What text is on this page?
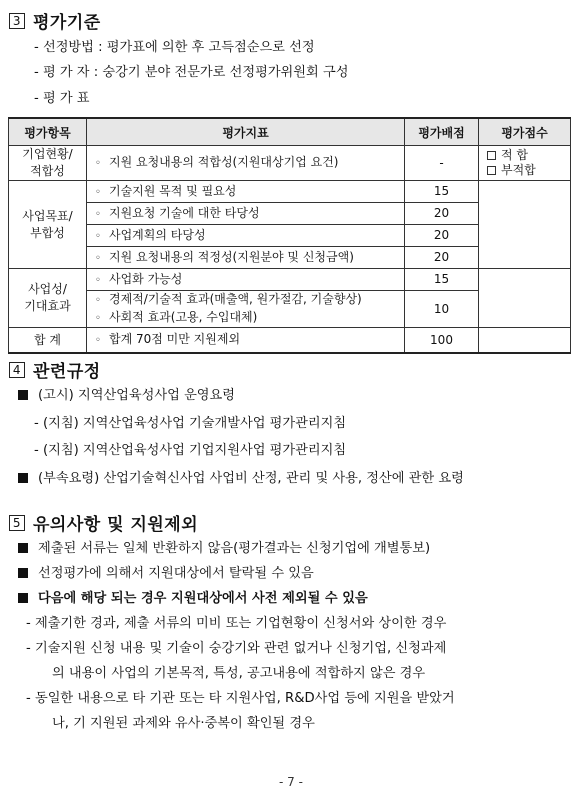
3 평가기준
- 선정방법 : 평가표에 의한 후 고득점순으로 선정
- 평 가 자 : 숭강기 분야 전문가로 선정평가위원회 구성
- 평 가 표
평가항목	평가지표	평가배점	평가점수
기업현황/
적합성	◦ 지원 요청내용의 적합성(지원대상기업 요건)	-	적 합
부적합

사업목표/
부합성	◦ 기술지원 목적 및 필요성	15	
	◦ 지원요청 기술에 대한 타당성	20	
	◦ 사업계획의 타당성	20	
	◦ 지원 요청내용의 적정성(지원분야 및 신청금액)	20	
사업성/
기대효과	◦ 사업화 가능성	15	
	◦ 경제적/기술적 효과(매출액, 원가절감, 기술향상)
◦ 사회적 효과(고용, 수입대체)	10	
합 계	◦ 합계 70점 미만 지원제외	100	
4 관련규정
(고시) 지역산업육성사업 운영요령
- (지침) 지역산업육성사업 기술개발사업 평가관리지침
- (지침) 지역산업육성사업 기업지원사업 평가관리지침
(부속요령) 산업기술혁신사업 사업비 산정, 관리 및 사용, 정산에 관한 요령
5 유의사항 및 지원제외
제출된 서류는 일체 반환하지 않음(평가결과는 신청기업에 개별통보)
선정평가에 의해서 지원대상에서 탈락될 수 있음
다음에 해당 되는 경우 지원대상에서 사전 제외될 수 있음
- 제출기한 경과, 제출 서류의 미비 또는 기업현황이 신청서와 상이한 경우
- 기술지원 신청 내용 및 기술이 숭강기와 관련 없거나 신청기업, 신청과제
의 내용이 사업의 기본목적, 특성, 공고내용에 적합하지 않은 경우
- 동일한 내용으로 타 기관 또는 타 지원사업, R&D사업 등에 지원을 받았거
나, 기 지원된 과제와 유사·중복이 확인될 경우
- 7 -
